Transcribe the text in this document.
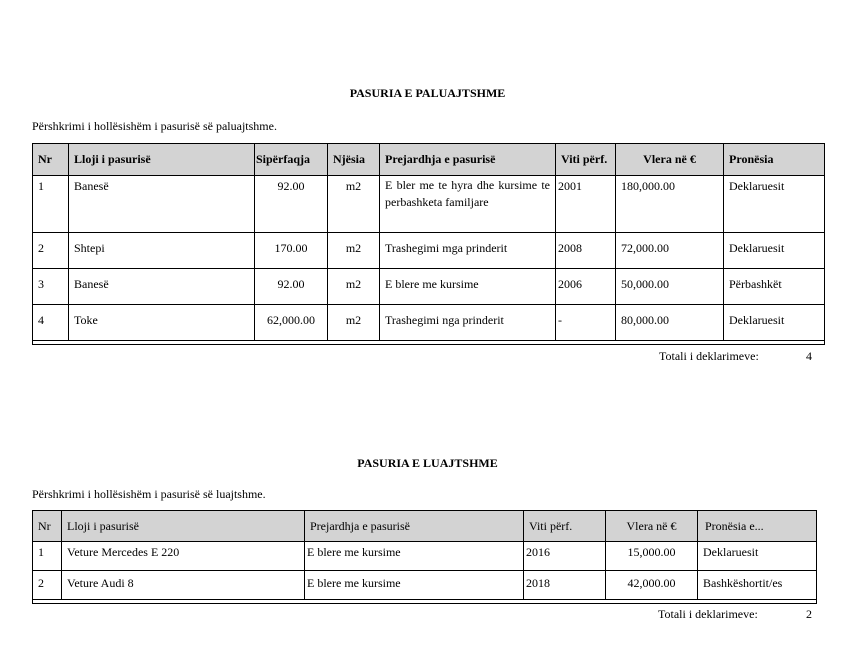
PASURIA E PALUAJTSHME
Përshkrimi i hollësishëm i pasurisë së paluajtshme.
Nr	Lloji i pasurisë	Sipërfaqja	Njësia	Prejardhja e pasurisë	Viti përf.	Vlera në €	Pronësia
1	Banesë	92.00	m2	E bler me te hyra dhe kursime te perbashketa familjare	2001	180,000.00	Deklaruesit
2	Shtepi	170.00	m2	Trashegimi mga prinderit	2008	72,000.00	Deklaruesit
3	Banesë	92.00	m2	E blere me kursime	2006	50,000.00	Përbashkët
4	Toke	62,000.00	m2	Trashegimi nga prinderit	-	80,000.00	Deklaruesit

Totali i deklarimeve:	4
PASURIA E LUAJTSHME
Përshkrimi i hollësishëm i pasurisë së luajtshme.
Nr	Lloji i pasurisë	Prejardhja e pasurisë	Viti përf.	Vlera në €	Pronësia e...
1	Veture Mercedes E 220	E blere me kursime	2016	15,000.00	Deklaruesit
2	Veture Audi 8	E blere me kursime	2018	42,000.00	Bashkëshortit/es

Totali i deklarimeve:	2
